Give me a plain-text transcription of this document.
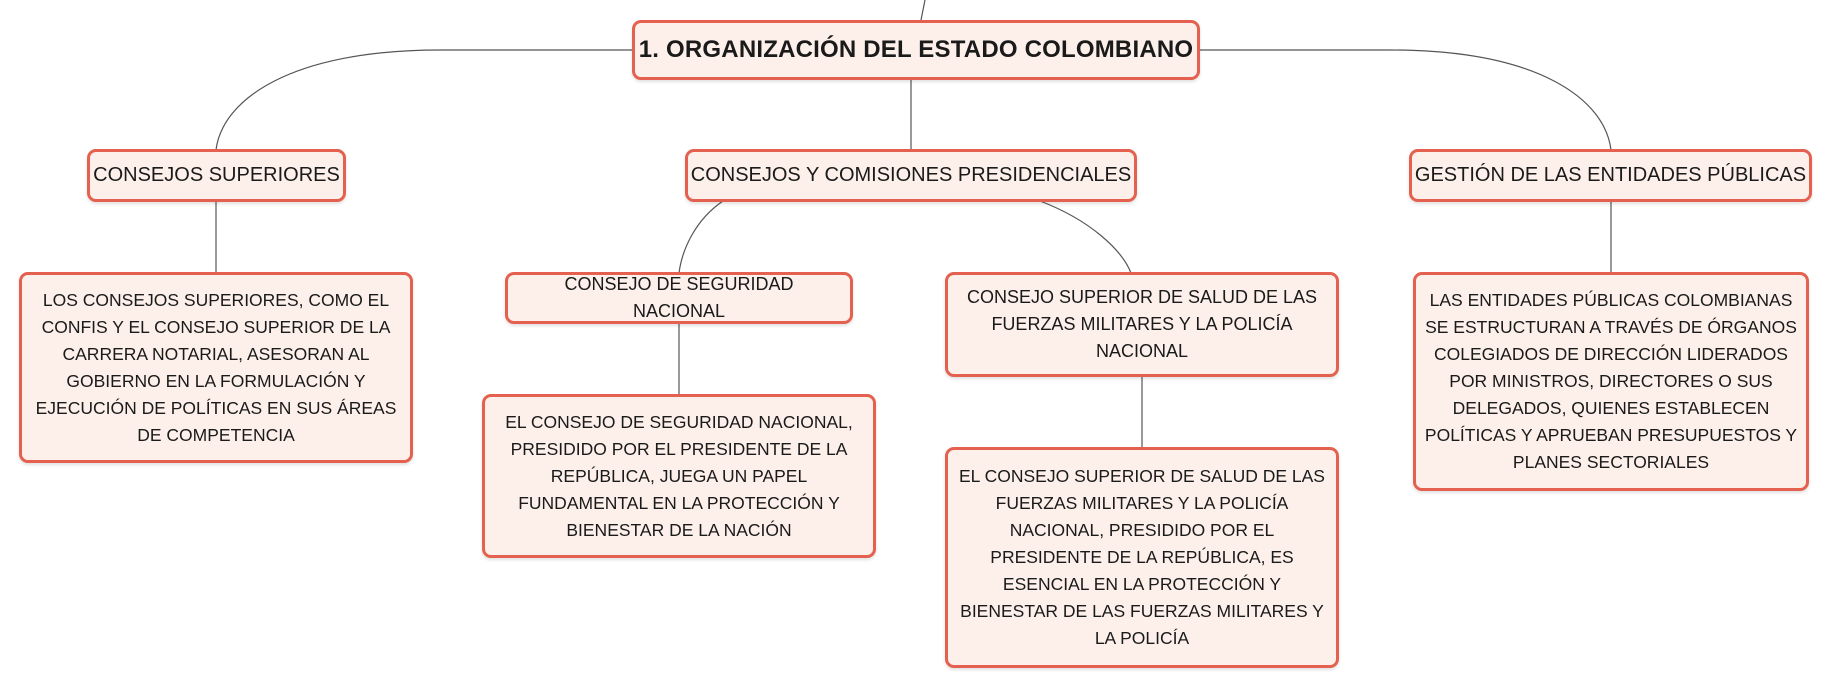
1. ORGANIZACIÓN DEL ESTADO COLOMBIANO
CONSEJOS SUPERIORES	CONSEJOS Y COMISIONES PRESIDENCIALES	GESTIÓN DE LAS ENTIDADES PÚBLICAS
LOS CONSEJOS SUPERIORES, COMO EL CONFIS Y EL CONSEJO SUPERIOR DE LA CARRERA NOTARIAL, ASESORAN AL GOBIERNO EN LA FORMULACIÓN Y EJECUCIÓN DE POLÍTICAS EN SUS ÁREAS DE COMPETENCIA
CONSEJO DE SEGURIDAD NACIONAL
CONSEJO SUPERIOR DE SALUD DE LAS FUERZAS MILITARES Y LA POLICÍA NACIONAL
LAS ENTIDADES PÚBLICAS COLOMBIANAS SE ESTRUCTURAN A TRAVÉS DE ÓRGANOS COLEGIADOS DE DIRECCIÓN LIDERADOS POR MINISTROS, DIRECTORES O SUS DELEGADOS, QUIENES ESTABLECEN POLÍTICAS Y APRUEBAN PRESUPUESTOS Y PLANES SECTORIALES
EL CONSEJO DE SEGURIDAD NACIONAL, PRESIDIDO POR EL PRESIDENTE DE LA REPÚBLICA, JUEGA UN PAPEL FUNDAMENTAL EN LA PROTECCIÓN Y BIENESTAR DE LA NACIÓN
EL CONSEJO SUPERIOR DE SALUD DE LAS FUERZAS MILITARES Y LA POLICÍA NACIONAL, PRESIDIDO POR EL PRESIDENTE DE LA REPÚBLICA, ES ESENCIAL EN LA PROTECCIÓN Y BIENESTAR DE LAS FUERZAS MILITARES Y LA POLICÍA
